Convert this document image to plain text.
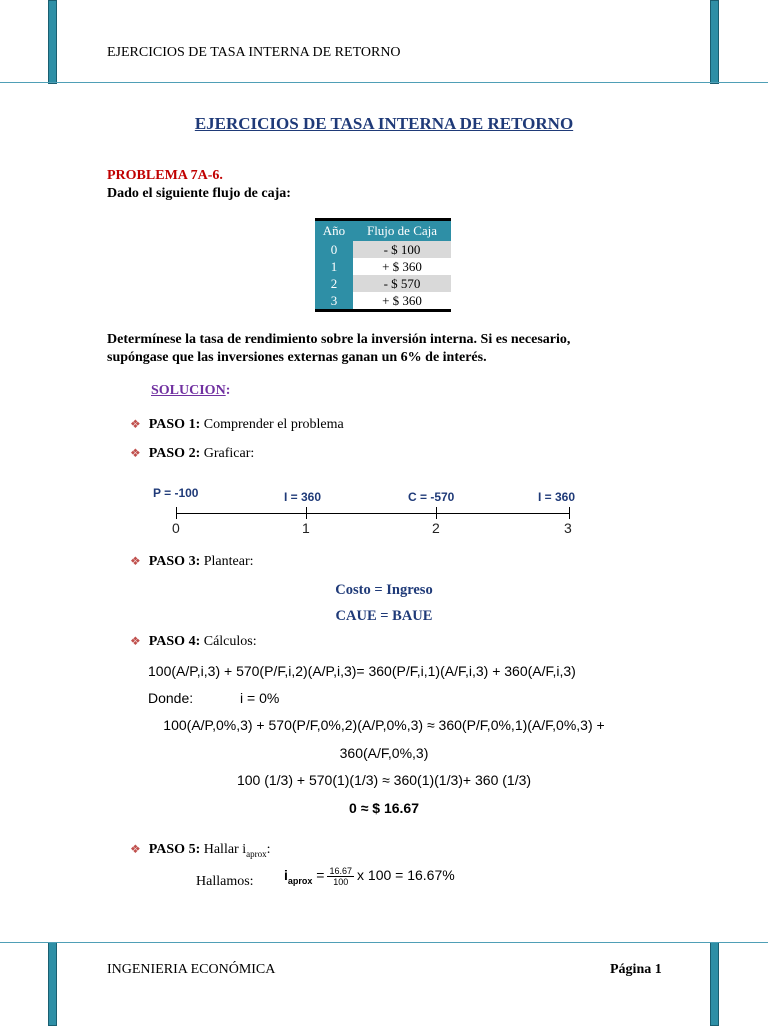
EJERCICIOS DE TASA INTERNA DE RETORNO
EJERCICIOS DE TASA INTERNA DE RETORNO
PROBLEMA 7A-6.
Dado el siguiente flujo de caja:
Año	Flujo de Caja
0	- $ 100
1	+ $ 360
2	- $ 570
3	+ $ 360
Determínese la tasa de rendimiento sobre la inversión interna. Si es necesario,
supóngase que las inversiones externas ganan un 6% de interés.
SOLUCION:
❖ PASO 1: Comprender el problema
❖ PASO 2: Graficar:
P = -100	I = 360	C = -570	I = 360
0	1	2	3
❖ PASO 3: Plantear:
Costo = Ingreso
CAUE = BAUE
❖ PASO 4: Cálculos:
100(A/P,i,3) + 570(P/F,i,2)(A/P,i,3)= 360(P/F,i,1)(A/F,i,3) + 360(A/F,i,3)
Donde:	i = 0%
100(A/P,0%,3) + 570(P/F,0%,2)(A/P,0%,3) ≈ 360(P/F,0%,1)(A/F,0%,3) +
360(A/F,0%,3)
100 (1/3) + 570(1)(1/3) ≈ 360(1)(1/3)+ 360 (1/3)
0 ≈ $ 16.67
❖ PASO 5: Hallar $i_{aprox}$:
Hallamos: $i_{aprox} = \frac{16.67}{100}$ x 100 = 16.67%
INGENIERIA ECONÓMICA	Página 1
